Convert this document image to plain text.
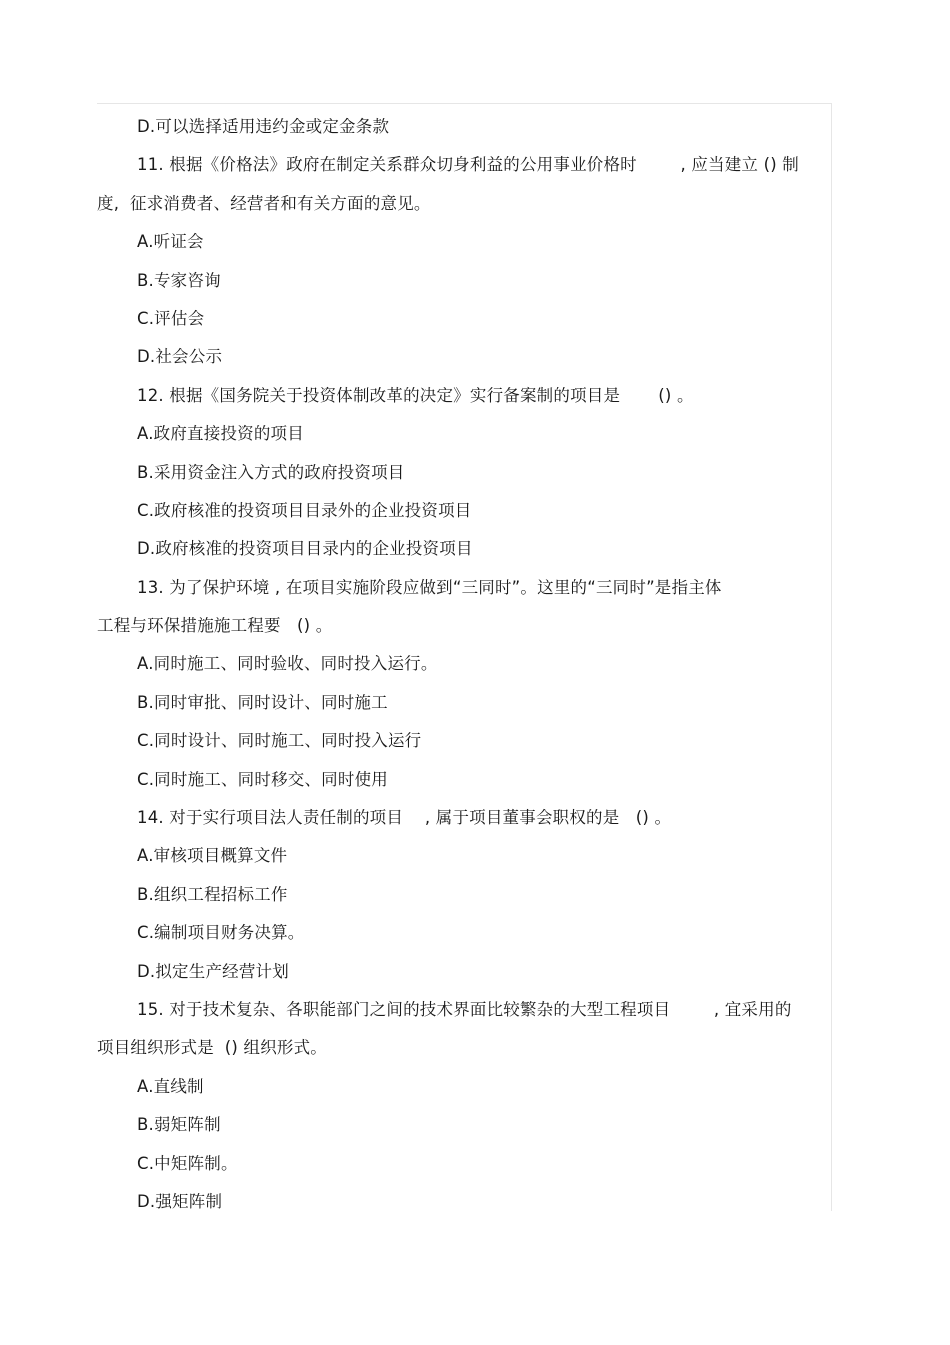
D.可以选择适用违约金或定金条款
11. 根据《价格法》政府在制定关系群众切身利益的公用事业价格时        , 应当建立 () 制
度,  征求消费者、经营者和有关方面的意见。
A.听证会
B.专家咨询
C.评估会
D.社会公示
12. 根据《国务院关于投资体制改革的决定》实行备案制的项目是       () 。
A.政府直接投资的项目
B.采用资金注入方式的政府投资项目
C.政府核准的投资项目目录外的企业投资项目
D.政府核准的投资项目目录内的企业投资项目
13. 为了保护环境 , 在项目实施阶段应做到“三同时”。这里的“三同时”是指主体
工程与环保措施施工程要   () 。
A.同时施工、同时验收、同时投入运行。
B.同时审批、同时设计、同时施工
C.同时设计、同时施工、同时投入运行
C.同时施工、同时移交、同时使用
14. 对于实行项目法人责任制的项目    , 属于项目董事会职权的是   () 。
A.审核项目概算文件
B.组织工程招标工作
C.编制项目财务决算。
D.拟定生产经营计划
15. 对于技术复杂、各职能部门之间的技术界面比较繁杂的大型工程项目        , 宜采用的
项目组织形式是  () 组织形式。
A.直线制
B.弱矩阵制
C.中矩阵制。
D.强矩阵制
